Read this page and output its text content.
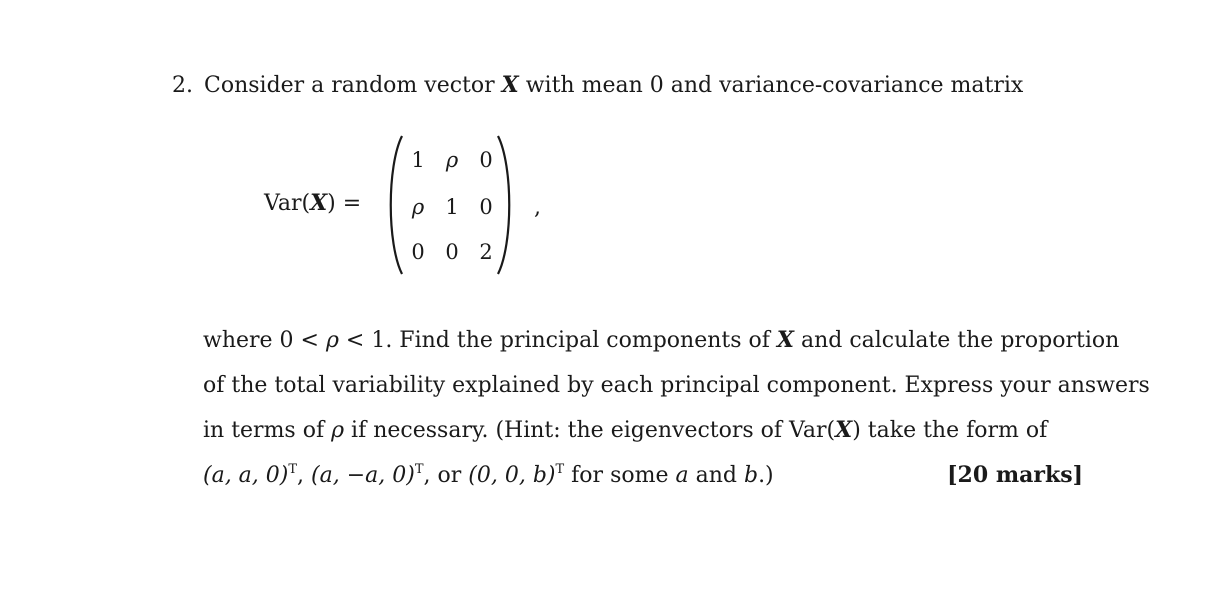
2. Consider a random vector X with mean 0 and variance-covariance matrix
Var(X) =
1 ρ 0
ρ 1 0
0 0 2
,
where 0 < ρ < 1. Find the principal components of X and calculate the proportion
of the total variability explained by each principal component. Express your answers
in terms of ρ if necessary. (Hint: the eigenvectors of Var(X) take the form of
(a, a, 0)$^T$, (a, −a, 0)$^T$, or (0, 0, b)$^T$ for some a and b.)	[20 marks]
